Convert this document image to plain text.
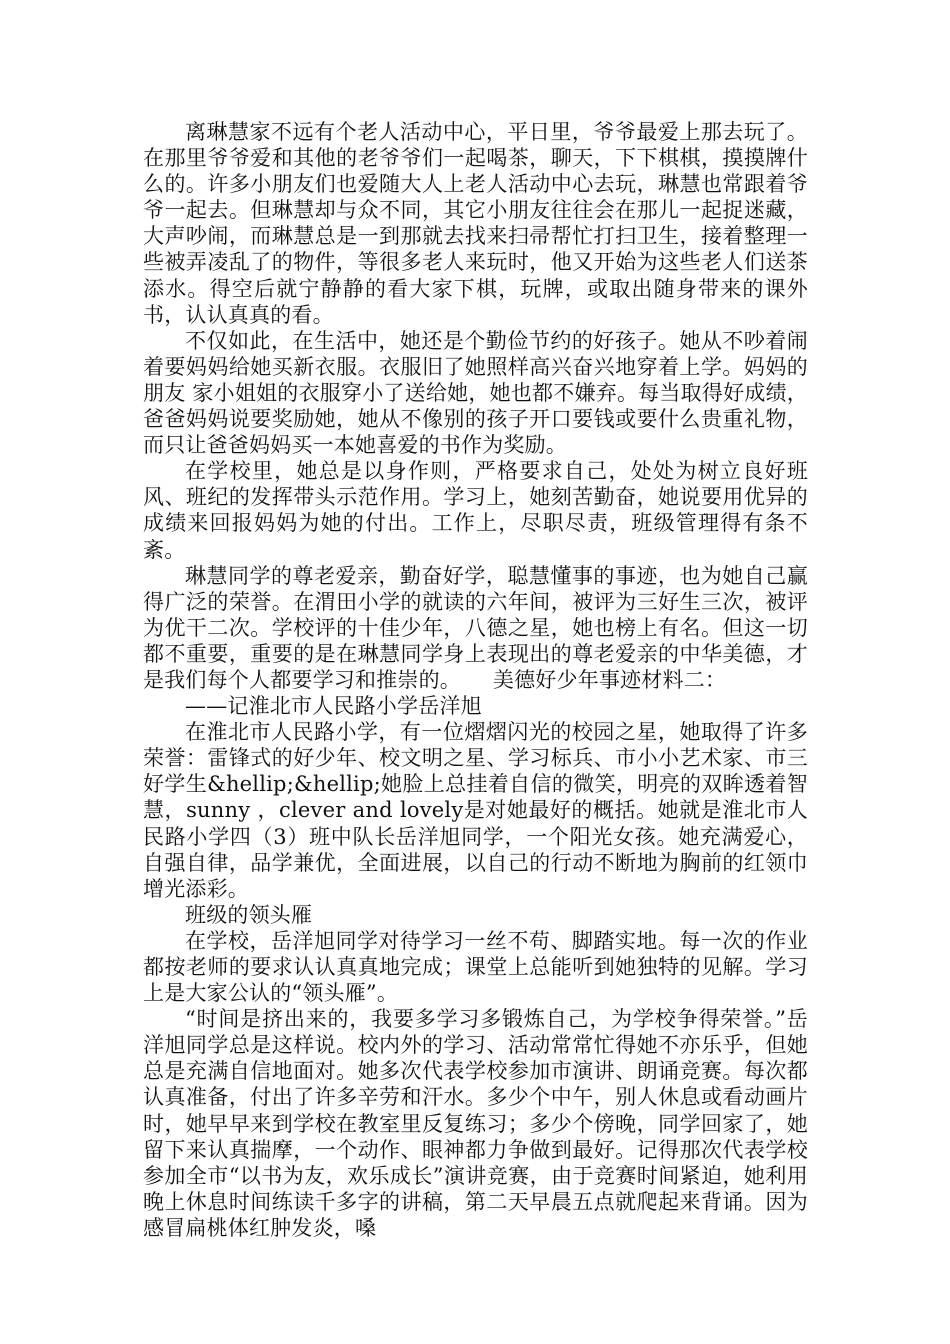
离琳慧家不远有个老人活动中心，平日里，爷爷最爱上那去玩了。在那里爷爷爱和其他的老爷爷们一起喝茶，聊天，下下棋棋，摸摸牌什么的。许多小朋友们也爱随大人上老人活动中心去玩，琳慧也常跟着爷爷一起去。但琳慧却与众不同，其它小朋友往往会在那儿一起捉迷藏，大声吵闹，而琳慧总是一到那就去找来扫帚帮忙打扫卫生，接着整理一些被弄凌乱了的物件，等很多老人来玩时，他又开始为这些老人们送茶添水。得空后就宁静静的看大家下棋，玩牌，或取出随身带来的课外书，认认真真的看。

不仅如此，在生活中，她还是个勤俭节约的好孩子。她从不吵着闹着要妈妈给她买新衣服。衣服旧了她照样高兴奋兴地穿着上学。妈妈的朋友 家小姐姐的衣服穿小了送给她，她也都不嫌弃。每当取得好成绩，爸爸妈妈说要奖励她，她从不像别的孩子开口要钱或要什么贵重礼物，而只让爸爸妈妈买一本她喜爱的书作为奖励。

在学校里，她总是以身作则，严格要求自己，处处为树立良好班风、班纪的发挥带头示范作用。学习上，她刻苦勤奋，她说要用优异的成绩来回报妈妈为她的付出。工作上，尽职尽责，班级管理得有条不紊。

琳慧同学的尊老爱亲，勤奋好学，聪慧懂事的事迹，也为她自己赢得广泛的荣誉。在渭田小学的就读的六年间，被评为三好生三次，被评为优干二次。学校评的十佳少年，八德之星，她也榜上有名。但这一切都不重要，重要的是在琳慧同学身上表现出的尊老爱亲的中华美德，才是我们每个人都要学习和推崇的。　　美德好少年事迹材料二：

——记淮北市人民路小学岳洋旭

在淮北市人民路小学，有一位熠熠闪光的校园之星，她取得了许多荣誉：雷锋式的好少年、校文明之星、学习标兵、市小小艺术家、市三好学生&hellip;&hellip;她脸上总挂着自信的微笑，明亮的双眸透着智慧，sunny ，clever and lovely是对她最好的概括。她就是淮北市人民路小学四（3）班中队长岳洋旭同学，一个阳光女孩。她充满爱心，自强自律，品学兼优，全面进展，以自己的行动不断地为胸前的红领巾增光添彩。

班级的领头雁

在学校，岳洋旭同学对待学习一丝不苟、脚踏实地。每一次的作业都按老师的要求认认真真地完成；课堂上总能听到她独特的见解。学习上是大家公认的“领头雁”。

“时间是挤出来的，我要多学习多锻炼自己，为学校争得荣誉。”岳洋旭同学总是这样说。校内外的学习、活动常常忙得她不亦乐乎，但她总是充满自信地面对。她多次代表学校参加市演讲、朗诵竞赛。每次都认真准备，付出了许多辛劳和汗水。多少个中午，别人休息或看动画片时，她早早来到学校在教室里反复练习；多少个傍晚，同学回家了，她留下来认真揣摩，一个动作、眼神都力争做到最好。记得那次代表学校参加全市“以书为友，欢乐成长”演讲竞赛，由于竞赛时间紧迫，她利用晚上休息时间练读千多字的讲稿，第二天早晨五点就爬起来背诵。因为感冒扁桃体红肿发炎，嗓
